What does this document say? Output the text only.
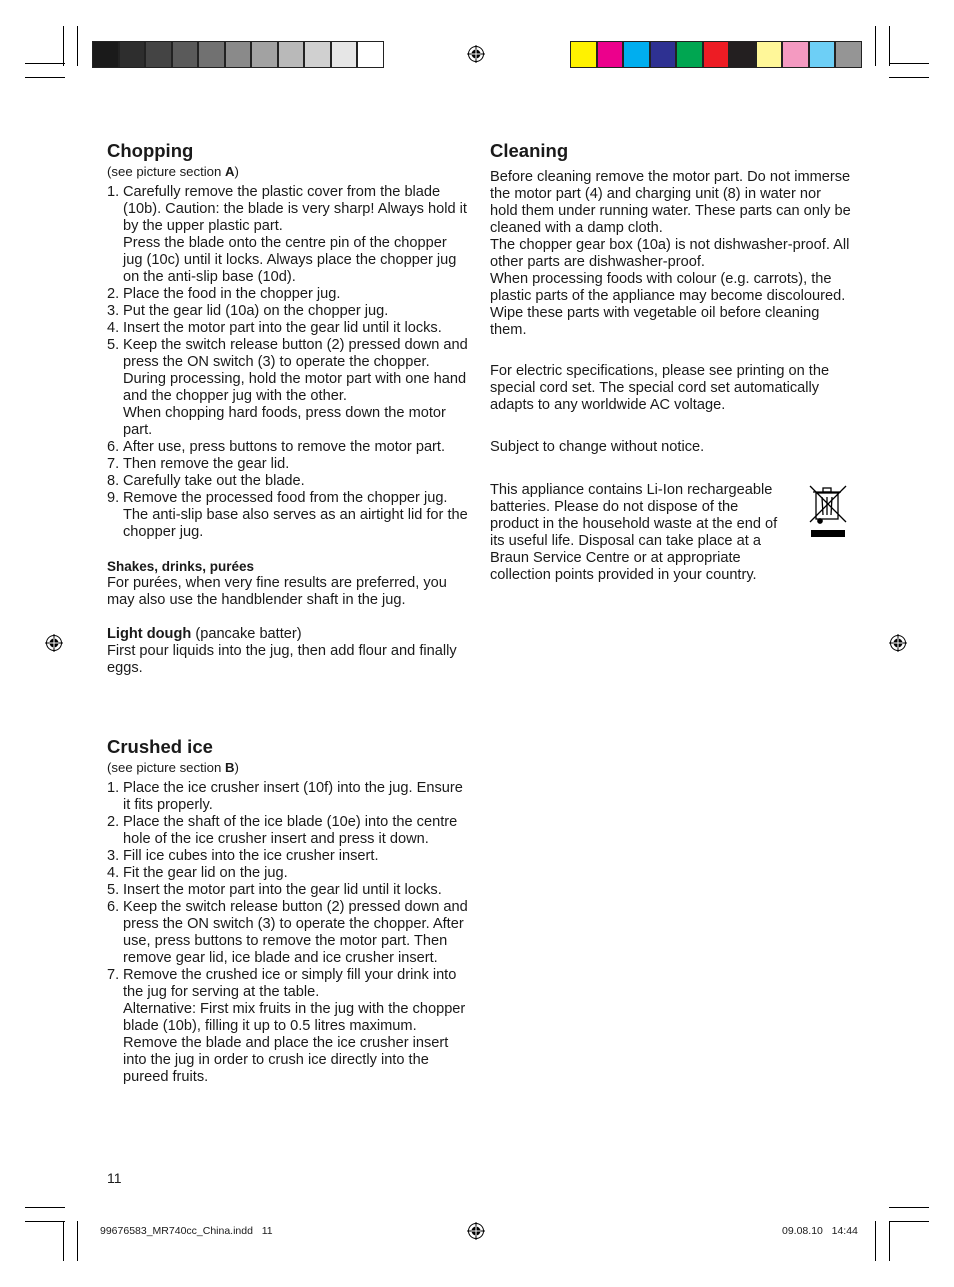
Chopping

(see picture section A)

1. Carefully remove the plastic cover from the blade (10b). Caution: the blade is very sharp! Always hold it by the upper plastic part.
Press the blade onto the centre pin of the chopper jug (10c) until it locks. Always place the chopper jug on the anti-slip base (10d).
2. Place the food in the chopper jug.
3. Put the gear lid (10a) on the chopper jug.
4. Insert the motor part into the gear lid until it locks.
5. Keep the switch release button (2) pressed down and press the ON switch (3) to operate the chopper. During processing, hold the motor part with one hand and the chopper jug with the other.
When chopping hard foods, press down the motor part.
6. After use, press buttons to remove the motor part.
7. Then remove the gear lid.
8. Carefully take out the blade.
9. Remove the processed food from the chopper jug. The anti-slip base also serves as an airtight lid for the chopper jug.

Shakes, drinks, purées

For purées, when very fine results are preferred, you may also use the handblender shaft in the jug.

Light dough (pancake batter)

First pour liquids into the jug, then add flour and finally eggs.

Crushed ice

(see picture section B)

1. Place the ice crusher insert (10f) into the jug. Ensure it fits properly.
2. Place the shaft of the ice blade (10e) into the centre hole of the ice crusher insert and press it down.
3. Fill ice cubes into the ice crusher insert.
4. Fit the gear lid on the jug.
5. Insert the motor part into the gear lid until it locks.
6. Keep the switch release button (2) pressed down and press the ON switch (3) to operate the chopper. After use, press buttons to remove the motor part. Then remove gear lid, ice blade and ice crusher insert.
7. Remove the crushed ice or simply fill your drink into the jug for serving at the table.
Alternative: First mix fruits in the jug with the chopper blade (10b), filling it up to 0.5 litres maximum. Remove the blade and place the ice crusher insert into the jug in order to crush ice directly into the pureed fruits.
Cleaning

Before cleaning remove the motor part. Do not immerse the motor part (4) and charging unit (8) in water nor hold them under running water. These parts can only be cleaned with a damp cloth.

The chopper gear box (10a) is not dishwasher-proof. All other parts are dishwasher-proof.

When processing foods with colour (e.g. carrots), the plastic parts of the appliance may become discoloured. Wipe these parts with vegetable oil before cleaning them.

For electric specifications, please see printing on the special cord set. The special cord set automatically adapts to any worldwide AC voltage.

Subject to change without notice.

This appliance contains Li-Ion rechargeable batteries. Please do not dispose of the product in the household waste at the end of its useful life. Disposal can take place at a Braun Service Centre or at appropriate collection points provided in your country.

11
99676583_MR740cc_China.indd   11	09.08.10   14:44
